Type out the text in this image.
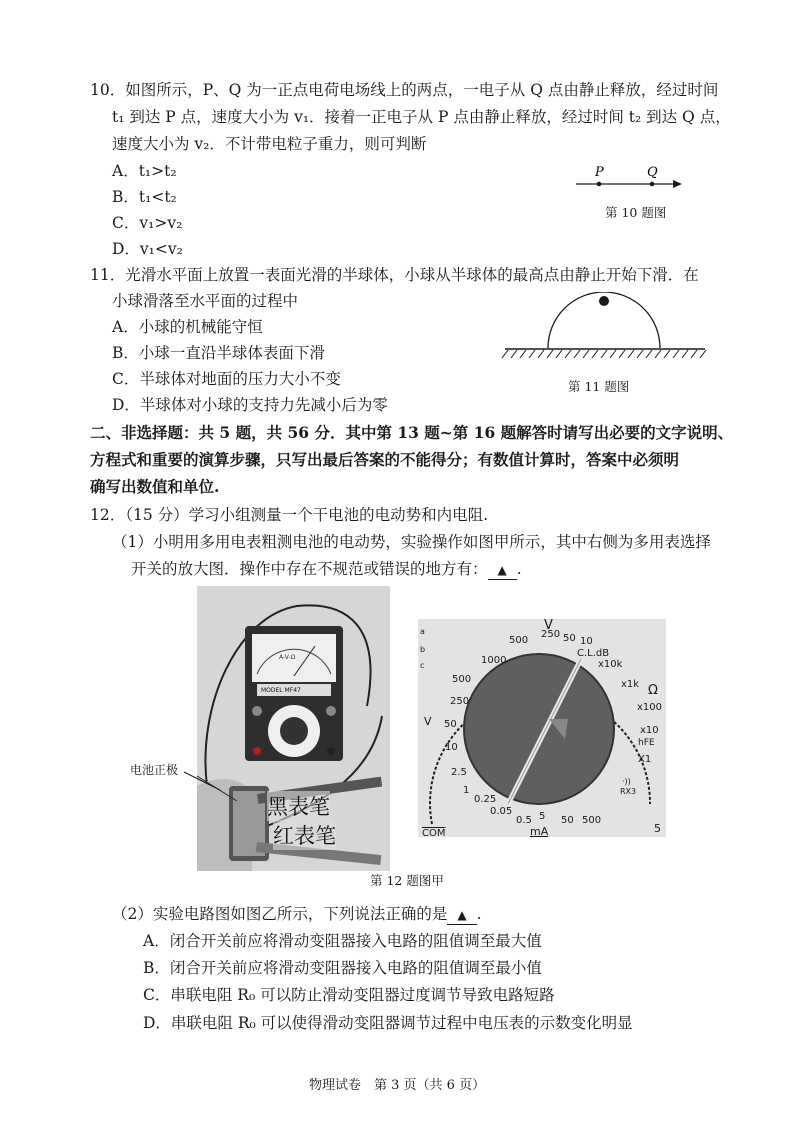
10．如图所示，P、Q 为一正点电荷电场线上的两点，一电子从 Q 点由静止释放，经过时间
t₁ 到达 P 点，速度大小为 v₁．接着一正电子从 P 点由静止释放，经过时间 t₂ 到达 Q 点，
速度大小为 v₂．不计带电粒子重力，则可判断
A．t₁>t₂
B．t₁<t₂
C．v₁>v₂
D．v₁<v₂
P	Q
第 10 题图
11．光滑水平面上放置一表面光滑的半球体，小球从半球体的最高点由静止开始下滑．在
小球滑落至水平面的过程中
A．小球的机械能守恒
B．小球一直沿半球体表面下滑
C．半球体对地面的压力大小不变
D．半球体对小球的支持力先减小后为零
第 11 题图
二、非选择题：共 5 题，共 56 分．其中第 13 题~第 16 题解答时请写出必要的文字说明、
方程式和重要的演算步骤，只写出最后答案的不能得分；有数值计算时，答案中必须明
确写出数值和单位.
12．（15 分）学习小组测量一个干电池的电动势和内电阻.
（1）小明用多用电表粗测电池的电动势，实验操作如图甲所示，其中右侧为多用表选择
开关的放大图．操作中存在不规范或错误的地方有： ▲ .
MODEL MF47
A-V-Ω
黑表笔
红表笔
电池正极
V
1000
500
250 50 10
C.L.dB
500
250
50
10
2.5
1
0.25
V
0.05
0.5 5 50 500
mA
x10k
x1k
x100
x10
X1
Ω
hFE
·))
RX3
$\overline{COM}$
a
b
c
5
第 12 题图甲
（2）实验电路图如图乙所示，下列说法正确的是 ▲ .
A．闭合开关前应将滑动变阻器接入电路的阻值调至最大值
B．闭合开关前应将滑动变阻器接入电路的阻值调至最小值
C．串联电阻 R₀ 可以防止滑动变阻器过度调节导致电路短路
D．串联电阻 R₀ 可以使得滑动变阻器调节过程中电压表的示数变化明显
物理试卷　第 3 页（共 6 页）
